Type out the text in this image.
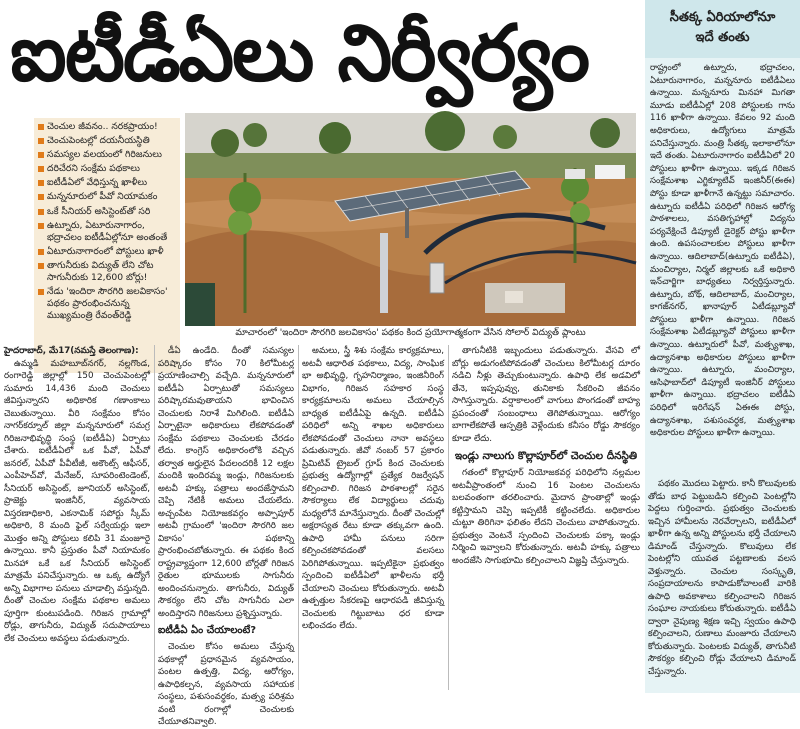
ఐటీడీఏలు నిర్వీర్యం	సీతక్క ఏరియాలోనూ
ఇదే తంతు
రాష్ట్రంలో ఉట్నూరు, భద్రాచలం, ఏటూరునాగారం, మన్ననూరు ఐటీడీఏలు ఉన్నాయి. మన్ననూరు మినహా మిగతా మూడు ఐటీడీఏల్లో 208 పోస్టులకు గాను 116 ఖాళీగా ఉన్నాయి. కేవలం 92 మంది అధికారులు, ఉద్యోగులు మాత్రమే పనిచేస్తున్నారు. మంత్రి సీతక్క ఇలాకాలోనూ ఇదే తంతు. ఏటూరునాగారం ఐటీడీఏలో 20 పోస్టులు ఖాళీగా ఉన్నాయి. ఇక్కడ గిరిజన సంక్షేమశాఖ ఎగ్జిక్యూటివ్ ఇంజినీర్(ఈఈ) పోస్టు కూడా ఖాళీగానే ఉన్నట్టు సమాచారం. ఉట్నూరు ఐటీడీఏ పరిధిలో గిరిజన ఆరోగ్య పాఠశాలలు, వసతిగృహాల్లో విద్యను పర్యవేక్షించే డిప్యూటీ డైరెక్టర్ పోస్టు ఖాళీగా ఉంది. ఉపసంచాలకుల పోస్టులు ఖాళీగా ఉన్నాయి. ఆదిలాబాద్(ఉట్నూరు ఐటీడీఏ), మంచిర్యాల, నిర్మల్ జిల్లాలకు ఒకే అధికారి ఇన్‌చార్జిగా బాధ్యతలు నిర్వర్తిస్తున్నారు. ఉట్నూరు, బోథ్, ఆదిలాబాద్, మంచిర్యాల, కాగజ్‌నగర్, ఖానాపూర్ ఏటీడబ్ల్యూవో పోస్టులు ఖాళీగా ఉన్నాయి. గిరిజన సంక్షేమశాఖ ఏటీడబ్ల్యూవో పోస్టులు ఖాళీగా ఉన్నాయి. ఉట్నూరులో పీవో, మత్స్యశాఖ, ఉద్యానశాఖ అధికారుల పోస్టులు ఖాళీగా ఉన్నాయి. ఉట్నూరు, మంచిర్యాల, ఆసిఫాబాద్‌లో డిప్యూటీ ఇంజినీర్ పోస్టులు ఖాళీగా ఉన్నాయి. భద్రాచలం ఐటీడీఏ పరిధిలో ఇరిగేషన్ ఏఈఈ పోస్టు, ఉద్యానశాఖ, పశుసంవర్ధక, మత్స్యశాఖ అధికారుల పోస్టులు ఖాళీగా ఉన్నాయి.
చెంచుల జీవనం.. నరకప్రాయం!
చెంచుపెంటల్లో దయనీయస్థితి
సమస్యల వలయంలో గిరిజనులు
దరిచేరని సంక్షేమ పథకాలు
ఐటీడీఏలో వేధిస్తున్న ఖాళీలు
మన్ననూరులో పీవో నియామకం
ఒకే సీనియర్ అసిస్టెంట్‌తో సరి
ఉట్నూరు, ఏటూరునాగారం, భద్రాచలం ఐటీడీఏల్లోనూ అంతంతే
ఏటూరునాగారంలో పోస్టులు ఖాళీ
తాగునీరుకు విద్యుత్ లేని చోట సాగునీరుకు 12,600 బోర్లు!
నేడు 'ఇందిరా సౌరగిరి జలవికాసం' పథకం ప్రారంభించనున్న ముఖ్యమంత్రి రేవంత్‌రెడ్డి
మాచారంలో 'ఇందిరా సౌరగిరి జలవికాసం' పథకం కింద ప్రయోగాత్మకంగా వేసిన సోలార్ విద్యుత్ ప్లాంటు

హైదరాబాద్, మే17(నమస్తే తెలంగాణ):

ఉమ్మడి మహబూబ్‌నగర్, నల్లగొండ, రంగారెడ్డి జిల్లాల్లో 150 చెంచుపెంటల్లో సుమారు 14,436 మంది చెంచులు జీవిస్తున్నారని అధికారిక గణాంకాలు చెబుతున్నాయి. వీరి సంక్షేమం కోసం నాగర్‌కర్నూల్ జిల్లా మన్ననూరులో సమగ్ర గిరిజనాభివృద్ధి సంస్థ (ఐటీడీఏ) ఏర్పాటు చేశారు. ఐటీడీఏలో ఒక పీవో, ఏపీవో జనరల్, ఏపీవో పీవీటీజీ, అకౌంట్స్ ఆఫీసర్, ఎంపీహెచ్‌వో, మేనేజర్, సూపరింటెండెంట్, సీనియర్ అసిస్టెంట్, జూనియర్ అసిస్టెంట్, ప్రాజెక్టు ఇంజినీర్, వ్యవసాయ విస్తరణాధికారి, ఎకనామిక్ సపోర్టు స్కీమ్ అధికారి, 8 మంది ఫైల్ సర్వేయర్లు ఇలా మొత్తం అన్ని పోస్టులు కలిపి 31 మంజూరై ఉన్నాయి. కానీ ప్రస్తుతం పీవో నియామకం మినహా ఒకే ఒక సీనియర్ అసిస్టెంట్ మాత్రమే పనిచేస్తున్నారు. ఆ ఒక్క ఉద్యోగే అన్ని విభాగాల పనులు చూడాల్సి వస్తున్నది. దీంతో చెంచుల సంక్షేమ పథకాల అమలు పూర్తిగా కుంటుపడింది. గిరిజన గ్రామాల్లో రోడ్లు, తాగునీరు, విద్యుత్ సదుపాయాలు లేక చెంచులు అవస్థలు పడుతున్నారు.

డీఏ ఉండేది. దీంతో సమస్యల పరిష్కారం కోసం 70 కిలోమీటర్ల ప్రయాణించాల్సి వచ్చేది. మన్ననూరులో ఐటీడీఏ ఏర్పాటుతో సమస్యలు పరిష్కారమవుతాయని భావించిన చెంచులకు నిరాశే మిగిలింది. ఐటీడీఏ ఏర్పాటైనా అధికారులు లేకపోవడంతో సంక్షేమ పథకాలు చెంచులకు చేరడం లేదు. కాంగ్రెస్ అధికారంలోకి వచ్చిన తర్వాత అర్హులైన పేదలందరికీ 12 లక్షల మందికి ఇందిరమ్మ ఇండ్లు, గిరిజనులకు అటవీ హక్కు పత్రాలు అందజేస్తామని చెప్పి నేటికీ అమలు చేయలేదు. అచ్చంపేట నియోజకవర్గం అప్పాపూర్ అటవీ గ్రామంలో 'ఇందిరా సౌరగిరి జల వికాసం' పథకాన్ని ప్రారంభించబోతున్నారు. ఈ పథకం కింద రాష్ట్రవ్యాప్తంగా 12,600 బోర్లతో గిరిజన రైతుల భూములకు సాగునీరు అందించనున్నారు. తాగునీరు, విద్యుత్ సౌకర్యం లేని చోట సాగునీరు ఎలా అందిస్తారని గిరిజనులు ప్రశ్నిస్తున్నారు.

ఐటీడీఏ ఏం చేయాలంటే?

చెంచుల కోసం అమలు చేస్తున్న పథకాల్లో ప్రధానమైన వ్యవసాయం, పంటల ఉత్పత్తి, విద్య, ఆరోగ్యం, ఉపాధికల్పన, వ్యవసాయ సహాయక సంస్థలు, పశుసంవర్ధకం, మత్స్య పరిశ్రమ వంటి రంగాల్లో చెంచులకు చేయూతనివ్వాలి.

అమలు, స్త్రీ శిశు సంక్షేమ కార్యక్రమాలు, అటవీ ఆధారిత పథకాలు, విద్య, సాంఘిక భా అభివృద్ధి, గృహనిర్మాణం, ఇంజినీరింగ్ విభాగం, గిరిజన సహకార సంస్థ కార్యక్రమాలను అమలు చేయాల్సిన బాధ్యత ఐటీడీఏపై ఉన్నది. ఐటీడీఏ పరిధిలో అన్ని శాఖల అధికారులు లేకపోవడంతో చెంచులు నానా అవస్థలు పడుతున్నారు. జీవో నంబర్ 57 ప్రకారం ప్రిమిటివ్ ట్రైబల్ గ్రూప్ కింద చెంచులకు ప్రభుత్వ ఉద్యోగాల్లో ప్రత్యేక రిజర్వేషన్ కల్పించాలి. గిరిజన పాఠశాలల్లో సరైన సౌకర్యాలు లేక విద్యార్థులు చదువు మధ్యలోనే మానేస్తున్నారు. దీంతో చెంచుల్లో అక్షరాస్యత రేటు కూడా తక్కువగా ఉంది. ఉపాధి హామీ పనులు సరిగా కల్పించకపోవడంతో వలసలు పెరిగిపోతున్నాయి. ఇప్పటికైనా ప్రభుత్వం స్పందించి ఐటీడీఏలో ఖాళీలను భర్తీ చేయాలని చెంచులు కోరుతున్నారు. అటవీ ఉత్పత్తుల సేకరణపై ఆధారపడి జీవిస్తున్న చెంచులకు గిట్టుబాటు ధర కూడా లభించడం లేదు.

తాగునీటికి ఇబ్బందులు పడుతున్నారు. వేసవి లో బోర్లు అడుగంటిపోవడంతో చెంచులు కిలోమీటర్ల దూరం నడిచి నీళ్లు తెచ్చుకుంటున్నారు. ఉపాధి లేక అడవిలో తేనె, ఇప్పపువ్వు, తునికాకు సేకరించి జీవనం సాగిస్తున్నారు. వర్షాకాలంలో వాగులు పొంగడంతో బాహ్య ప్రపంచంతో సంబంధాలు తెగిపోతున్నాయి. ఆరోగ్యం బాగాలేకపోతే ఆస్పత్రికి వెళ్లేందుకు కనీసం రోడ్డు సౌకర్యం కూడా లేదు.

ఇండ్లు నాలుగు కొల్లాపూర్‌లో చెంచుల దీనస్థితి

గతంలో కొల్లాపూర్ నియోజకవర్గ పరిధిలోని నల్లమల అటవీప్రాంతంలో నుంచి 16 పెంటల చెంచులను బలవంతంగా తరలించారు. మైదాన ప్రాంతాల్లో ఇండ్లు కట్టిస్తామని చెప్పి ఇప్పటికీ కట్టించలేదు. అధికారుల చుట్టూ తిరిగినా ఫలితం లేదని చెంచులు వాపోతున్నారు. ప్రభుత్వం వెంటనే స్పందించి చెంచులకు పక్కా ఇండ్లు నిర్మించి ఇవ్వాలని కోరుతున్నారు. అటవీ హక్కు పత్రాలు అందజేసి సాగుభూమి కల్పించాలని విజ్ఞప్తి చేస్తున్నారు.

పథకం మొదలు పెట్టారు. కానీ కొలువులకు తోడు బాధ పెట్టుబడిని కల్పించి పెంటల్లోని పెద్దలు గుర్తించారు. ప్రభుత్వం చెంచులకు ఇచ్చిన హామీలను నెరవేర్చాలని, ఐటీడీఏలో ఖాళీగా ఉన్న అన్ని పోస్టులను భర్తీ చేయాలని డిమాండ్ చేస్తున్నారు. కొలువులు లేక పెంటల్లోని యువత పట్టణాలకు వలస వెళ్తున్నారు. చెంచుల సంస్కృతి, సంప్రదాయాలను కాపాడుకోవాలంటే వారికి ఉపాధి అవకాశాలు కల్పించాలని గిరిజన సంఘాల నాయకులు కోరుతున్నారు. ఐటీడీఏ ద్వారా నైపుణ్య శిక్షణ ఇచ్చి స్వయం ఉపాధి కల్పించాలని, రుణాలు మంజూరు చేయాలని కోరుతున్నారు. పెంటలకు విద్యుత్, తాగునీటి సౌకర్యం కల్పించి రోడ్లు వేయాలని డిమాండ్ చేస్తున్నారు.
